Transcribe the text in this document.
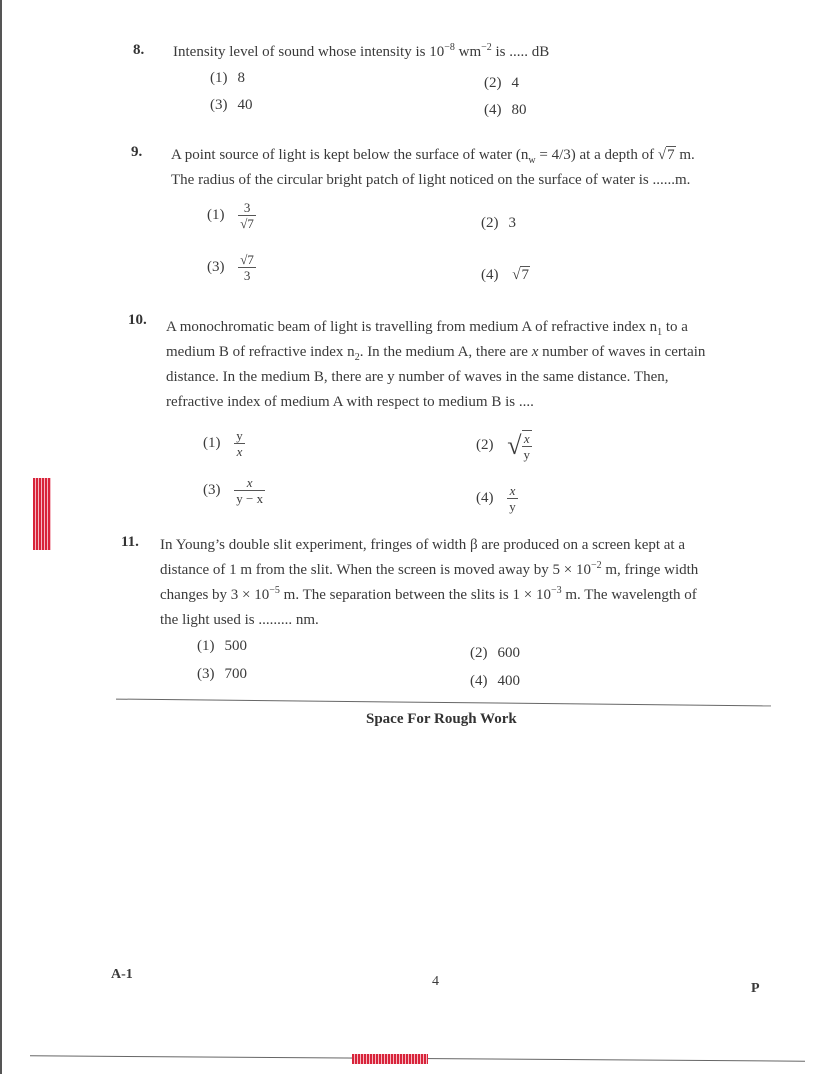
8. Intensity level of sound whose intensity is $10^{-8}$ $wm^{-2}$ is ..... dB
(1) 8	(2) 4
(3) 40	(4) 80
9. A point source of light is kept below the surface of water $(n_w = 4/3)$ at a depth of √7 m.
The radius of the circular bright patch of light noticed on the surface of water is ......m.
$(1) \frac{3}{√7}$	(2) 3
$(3) \frac{√7}{3}$	(4) √7
10. A monochromatic beam of light is travelling from medium A of refractive index $n_1$ to a
medium B of refractive index $n_2$. In the medium A, there are x number of waves in certain
distance. In the medium B, there are y number of waves in the same distance. Then,
refractive index of medium A with respect to medium B is ....
$(1) \frac{y}{x}$	(2) √ $\frac{x}{y}$
$(3) \frac{x}{y - x}$	$(4) \frac{x}{y}$
11. In Young’s double slit experiment, fringes of width β are produced on a screen kept at a
distance of 1 m from the slit. When the screen is moved away by $5 \times 10^{-2}$ m, fringe width
changes by $3 \times 10^{-5}$ m. The separation between the slits is $1 \times 10^{-3}$ m. The wavelength of
the light used is ......... nm.
(1) 500	(2) 600
(3) 700	(4) 400
Space For Rough Work
A-1	4	P
